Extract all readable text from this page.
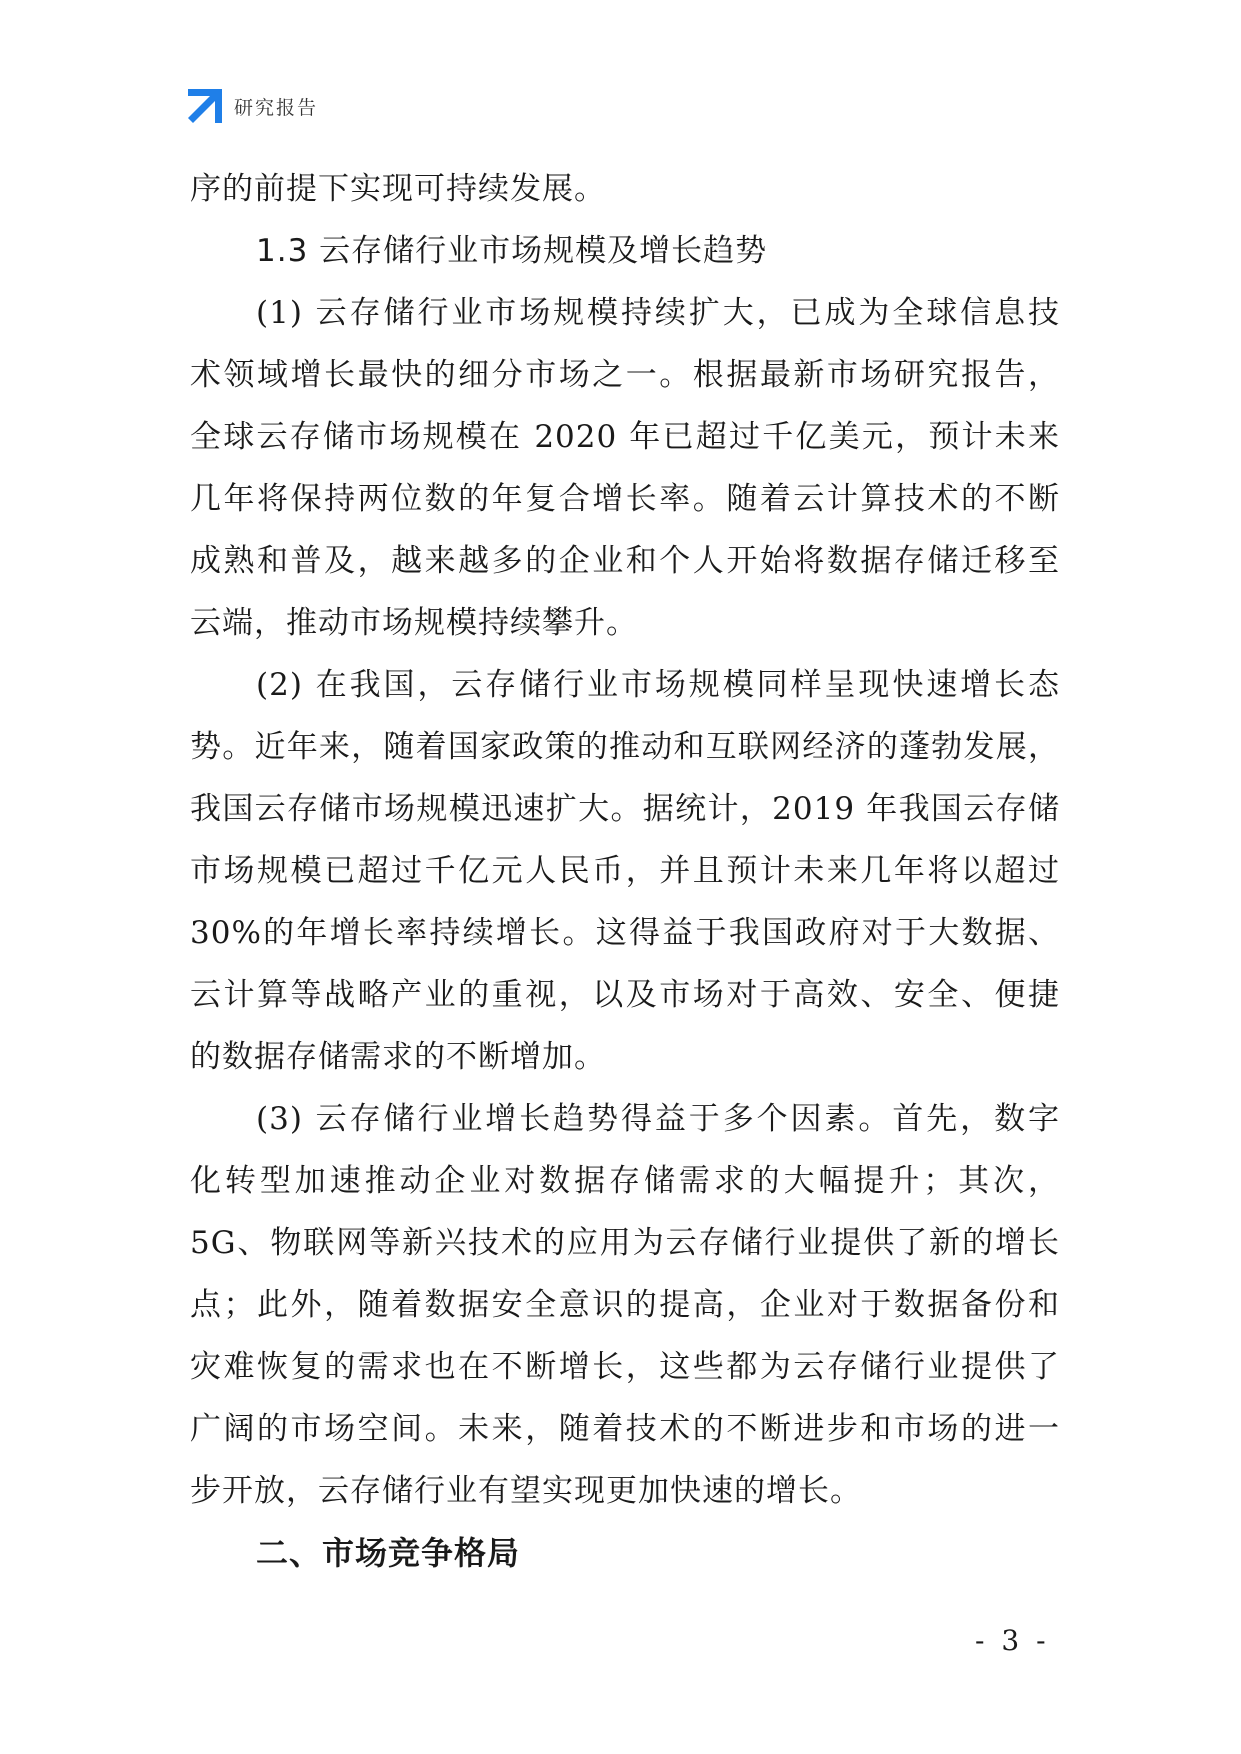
研究报告
序的前提下实现可持续发展。
1.3 云存储行业市场规模及增长趋势
(1) 云存储行业市场规模持续扩大，已成为全球信息技
术领域增长最快的细分市场之一。根据最新市场研究报告，
全球云存储市场规模在 2020 年已超过千亿美元，预计未来
几年将保持两位数的年复合增长率。随着云计算技术的不断
成熟和普及，越来越多的企业和个人开始将数据存储迁移至
云端，推动市场规模持续攀升。
(2) 在我国，云存储行业市场规模同样呈现快速增长态
势。近年来，随着国家政策的推动和互联网经济的蓬勃发展，
我国云存储市场规模迅速扩大。据统计，2019 年我国云存储
市场规模已超过千亿元人民币，并且预计未来几年将以超过
30%的年增长率持续增长。这得益于我国政府对于大数据、
云计算等战略产业的重视，以及市场对于高效、安全、便捷
的数据存储需求的不断增加。
(3) 云存储行业增长趋势得益于多个因素。首先，数字
化转型加速推动企业对数据存储需求的大幅提升；其次，
5G、物联网等新兴技术的应用为云存储行业提供了新的增长
点；此外，随着数据安全意识的提高，企业对于数据备份和
灾难恢复的需求也在不断增长，这些都为云存储行业提供了
广阔的市场空间。未来，随着技术的不断进步和市场的进一
步开放，云存储行业有望实现更加快速的增长。
二、市场竞争格局
- 3 -
